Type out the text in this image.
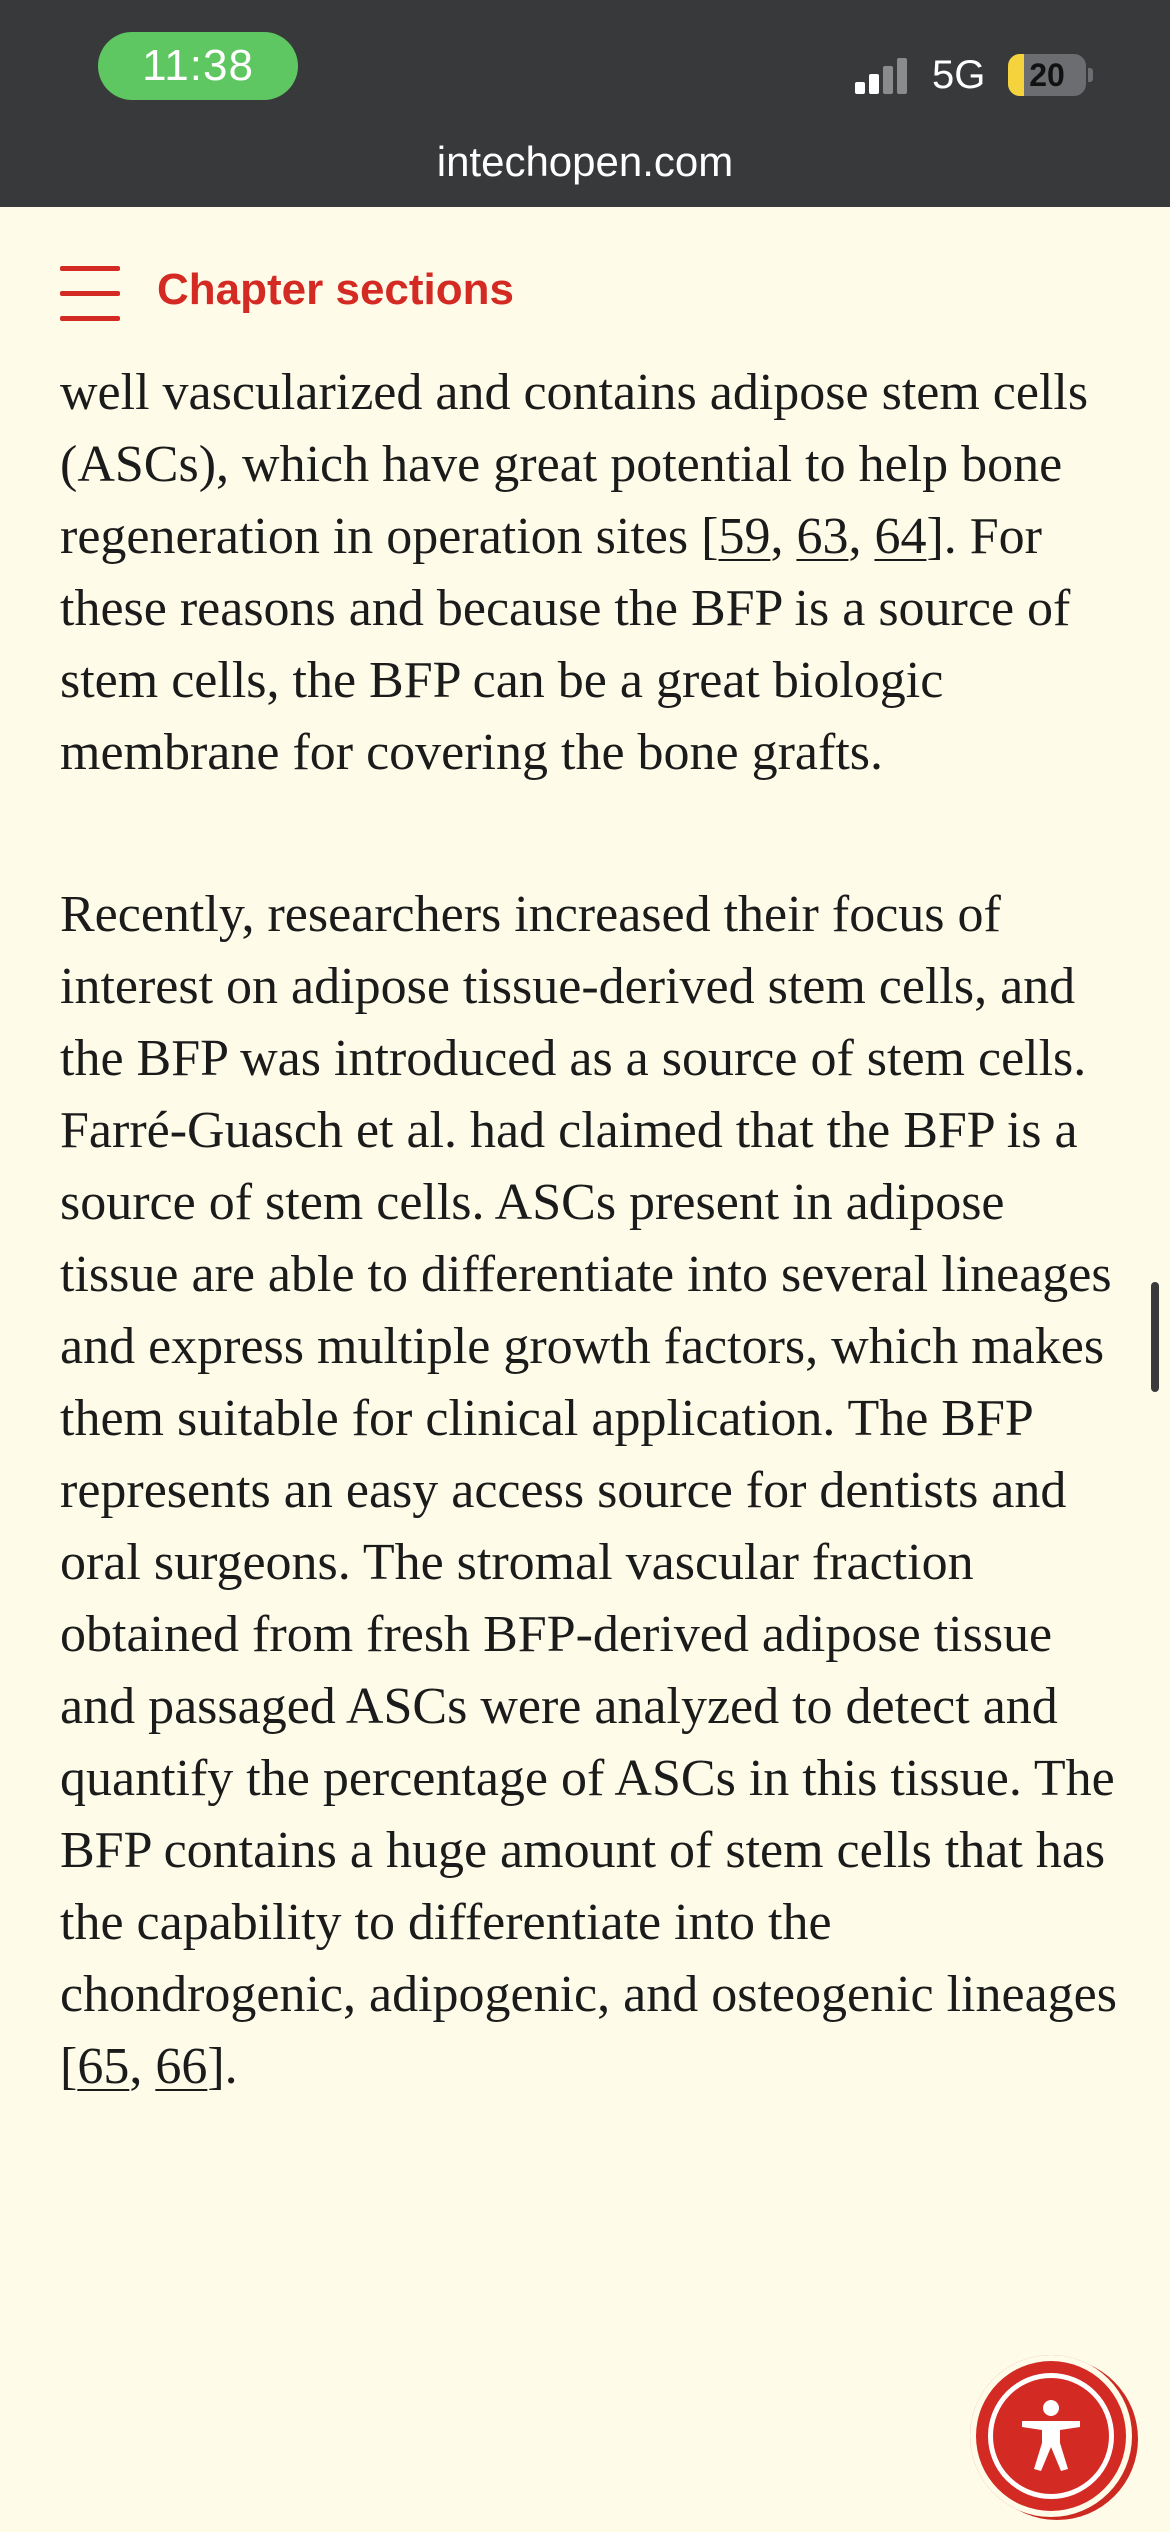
11:38	5G	20
intechopen.com
Chapter sections

well vascularized and contains adipose stem cells (ASCs), which have great potential to help bone regeneration in operation sites [59, 63, 64]. For these reasons and because the BFP is a source of stem cells, the BFP can be a great biologic membrane for covering the bone grafts.

Recently, researchers increased their focus of interest on adipose tissue-derived stem cells, and the BFP was introduced as a source of stem cells. Farré-Guasch et al. had claimed that the BFP is a source of stem cells. ASCs present in adipose tissue are able to differentiate into several lineages and express multiple growth factors, which makes them suitable for clinical application. The BFP represents an easy access source for dentists and oral surgeons. The stromal vascular fraction obtained from fresh BFP-derived adipose tissue and passaged ASCs were analyzed to detect and quantify the percentage of ASCs in this tissue. The BFP contains a huge amount of stem cells that has the capability to differentiate into the chondrogenic, adipogenic, and osteogenic lineages [65, 66].
